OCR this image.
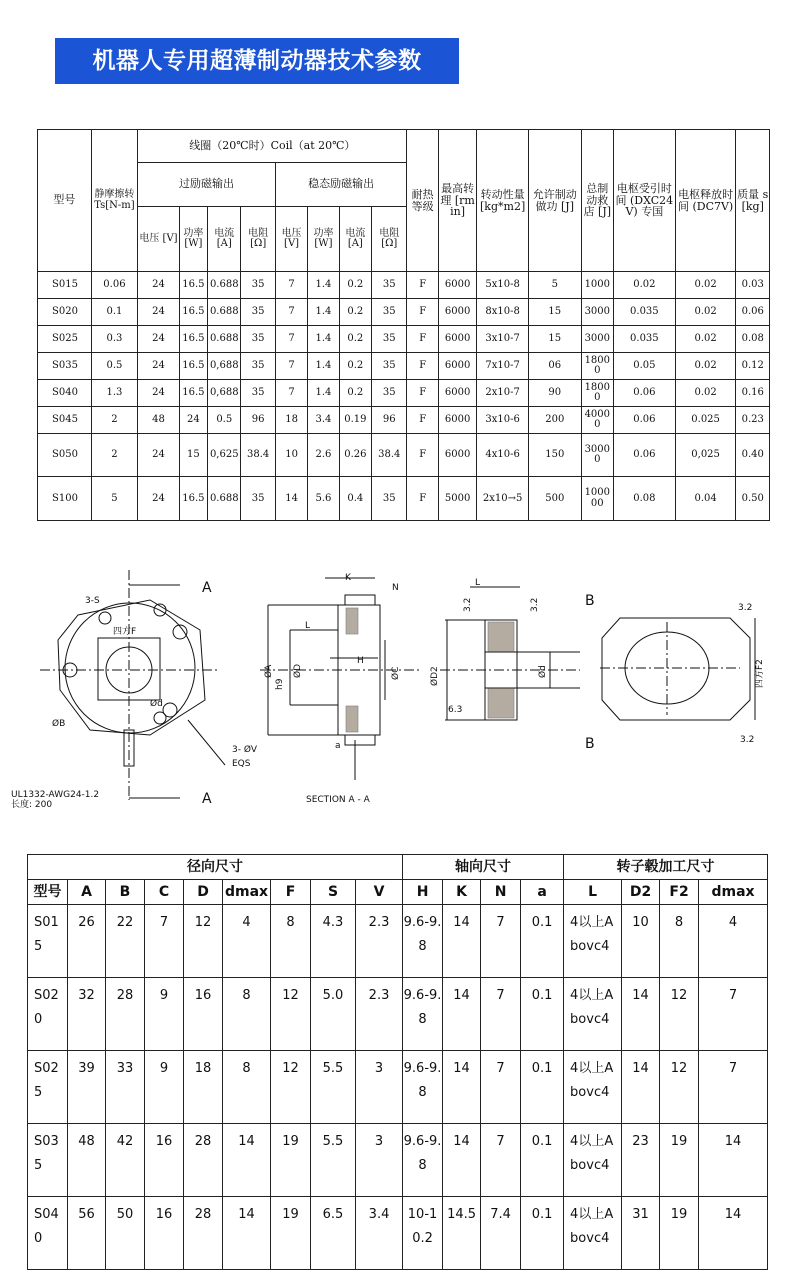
机器人专用超薄制动器技术参数
型号	静摩擦转 Ts[N-m]	线圈（20℃时）Coil（at 20℃）								耐热等级	最高转理 [rmin]	转动性量 [kg*m2]	允许制动做功 [J]	总制动救店 [J]	电枢受引时间 (DXC24V) 专国	电枢释放时间 (DC7V)	质量 s[kg]
		过励磁输出				稳态励磁输出											
		电压 [V]	功率 [W]	电流 [A]	电阻 [Ω]	电压 [V]	功率 [W]	电流 [A]	电阻 [Ω]								
S015	0.06	24	16.5	0.688	35	7	1.4	0.2	35	F	6000	5x10-8	5	1000	0.02	0.02	0.03
S020	0.1	24	16.5	0.688	35	7	1.4	0.2	35	F	6000	8x10-8	15	3000	0.035	0.02	0.06
S025	0.3	24	16.5	0.688	35	7	1.4	0.2	35	F	6000	3x10-7	15	3000	0.035	0.02	0.08
S035	0.5	24	16.5	0,688	35	7	1.4	0.2	35	F	6000	7x10-7	06	18000	0.05	0.02	0.12
S040	1.3	24	16.5	0,688	35	7	1.4	0.2	35	F	6000	2x10-7	90	18000	0.06	0.02	0.16
S045	2	48	24	0.5	96	18	3.4	0.19	96	F	6000	3x10-6	200	40000	0.06	0.025	0.23
S050	2	24	15	0,625	38.4	10	2.6	0.26	38.4	F	6000	4x10-6	150	30000	0.06	0,025	0.40
S100	5	24	16.5	0.688	35	14	5.6	0.4	35	F	5000	2x10→5	500	100000	0.08	0.04	0.50
A
A
3-S
四方F
Ød
ØB
3- ØV
EQS
UL1332-AWG24-1.2
长度: 200	SECTION A - A
K
N
L
H
a
ØA
h9
ØD	ØC
L
3.2	3.2
6.3
ØD2	Ød
B
B
3.2
3.2
四方F2
径向尺寸									轴向尺寸				转子毂加工尺寸			
型号	A	B	C	D	dmax	F	S	V	H	K	N	a	L	D2	F2	dmax
S015	26	22	7	12	4	8	4.3	2.3	9.6-9.8	14	7	0.1	4以上Abovc4	10	8	4
S020	32	28	9	16	8	12	5.0	2.3	9.6-9.8	14	7	0.1	4以上Abovc4	14	12	7
S025	39	33	9	18	8	12	5.5	3	9.6-9.8	14	7	0.1	4以上Abovc4	14	12	7
S035	48	42	16	28	14	19	5.5	3	9.6-9.8	14	7	0.1	4以上Abovc4	23	19	14
S040	56	50	16	28	14	19	6.5	3.4	10-10.2	14.5	7.4	0.1	4以上Abovc4	31	19	14
